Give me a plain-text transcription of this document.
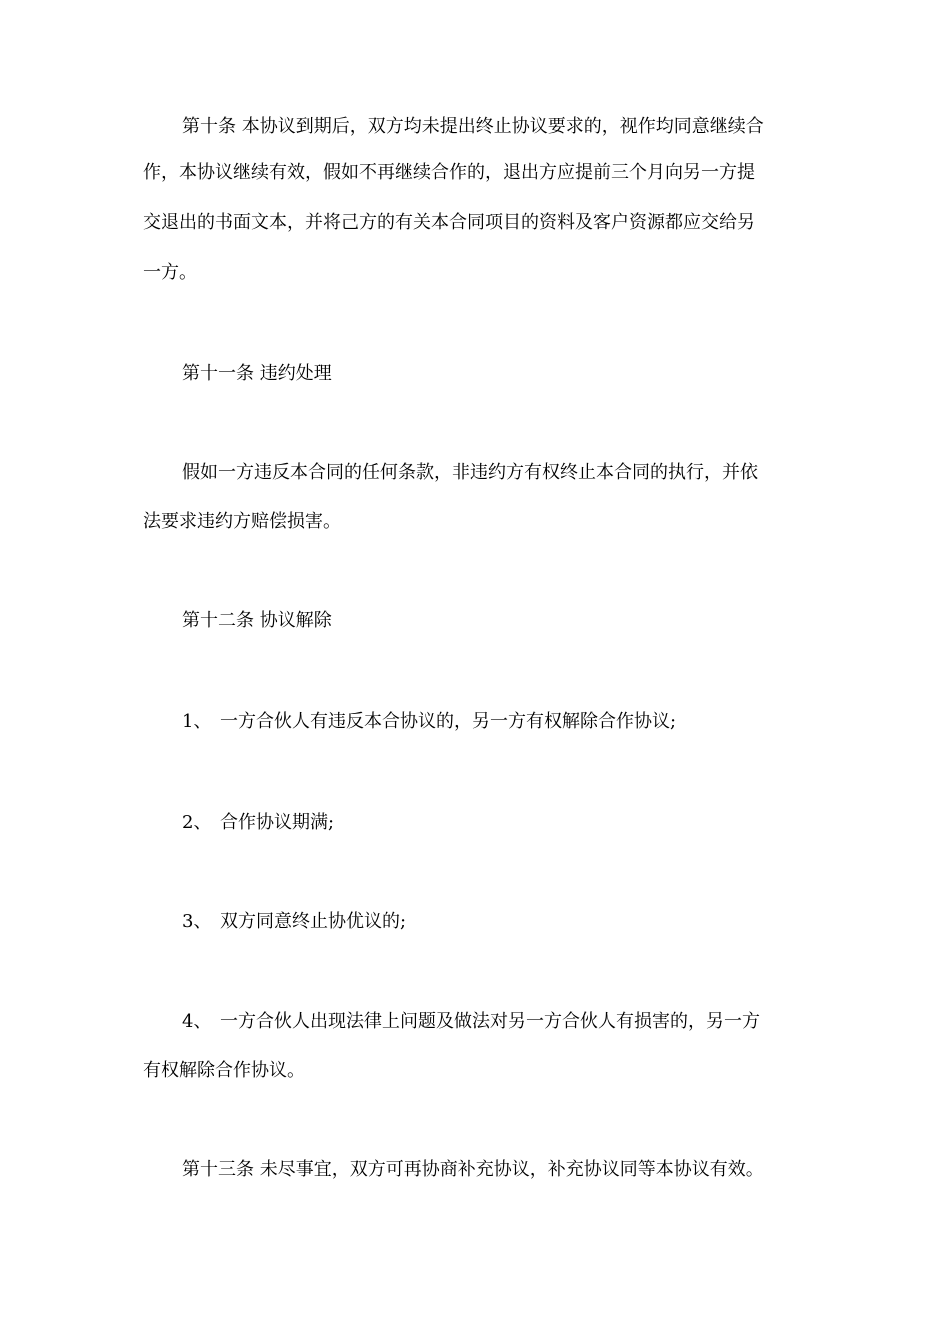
第十条 本协议到期后，双方均未提出终止协议要求的，视作均同意继续合
作，本协议继续有效，假如不再继续合作的，退出方应提前三个月向另一方提
交退出的书面文本，并将己方的有关本合同项目的资料及客户资源都应交给另
一方。
第十一条 违约处理
假如一方违反本合同的任何条款，非违约方有权终止本合同的执行，并依
法要求违约方赔偿损害。
第十二条 协议解除
1、 一方合伙人有违反本合协议的，另一方有权解除合作协议;
2、 合作协议期满;
3、 双方同意终止协优议的;
4、 一方合伙人出现法律上问题及做法对另一方合伙人有损害的，另一方
有权解除合作协议。
第十三条 未尽事宜，双方可再协商补充协议，补充协议同等本协议有效。
